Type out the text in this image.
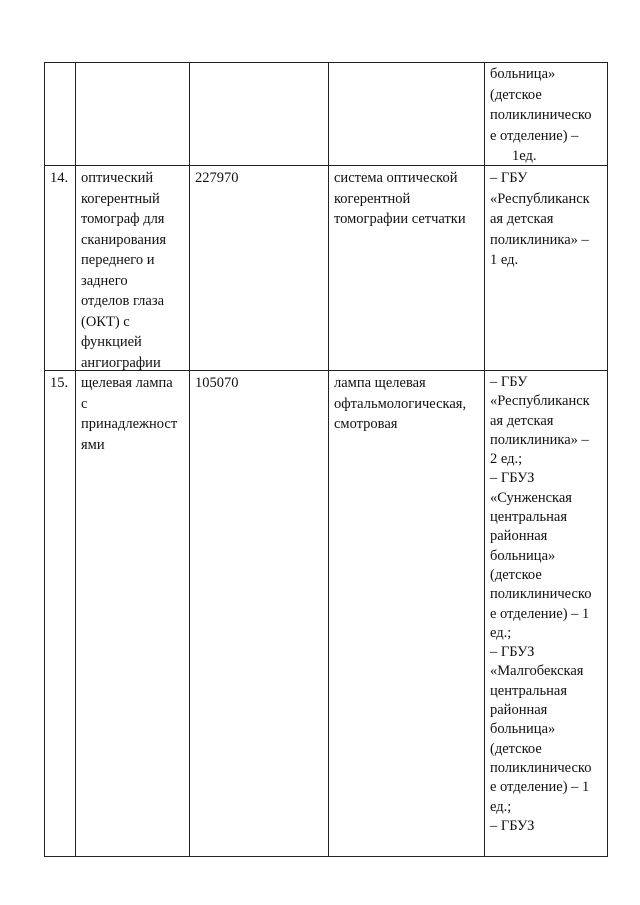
больница»
(детское
поликлиническо
е отделение) –
1ед.
14. оптический
когерентный
томограф для
сканирования
переднего и
заднего
отделов глаза
(ОКТ) с
функцией
ангиографии
227970	система оптической
когерентной
томографии сетчатки
– ГБУ
«Республиканск
ая детская
поликлиника» –
1 ед.
15. щелевая лампа
с
принадлежност
ями
105070	лампа щелевая
офтальмологическая,
смотровая
– ГБУ
«Республиканск
ая детская
поликлиника» –
2 ед.;
– ГБУЗ
«Сунженская
центральная
районная
больница»
(детское
поликлиническо
е отделение) – 1
ед.;
– ГБУЗ
«Малгобекская
центральная
районная
больница»
(детское
поликлиническо
е отделение) – 1
ед.;
– ГБУЗ
